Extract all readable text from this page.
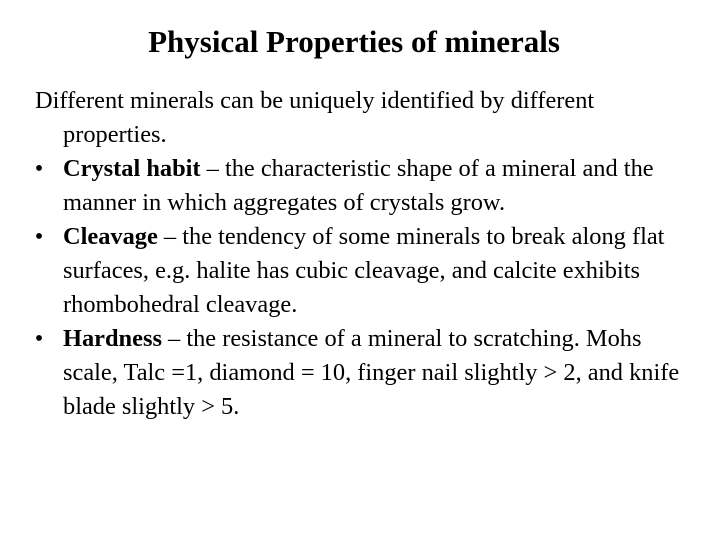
Physical Properties of minerals

Different minerals can be uniquely identified by different properties.

• Crystal habit – the characteristic shape of a mineral and the manner in which aggregates of crystals grow.
• Cleavage – the tendency of some minerals to break along flat surfaces, e.g. halite has cubic cleavage, and calcite exhibits rhombohedral cleavage.
• Hardness – the resistance of a mineral to scratching. Mohs scale, Talc =1, diamond = 10, finger nail slightly > 2, and knife blade slightly > 5.
